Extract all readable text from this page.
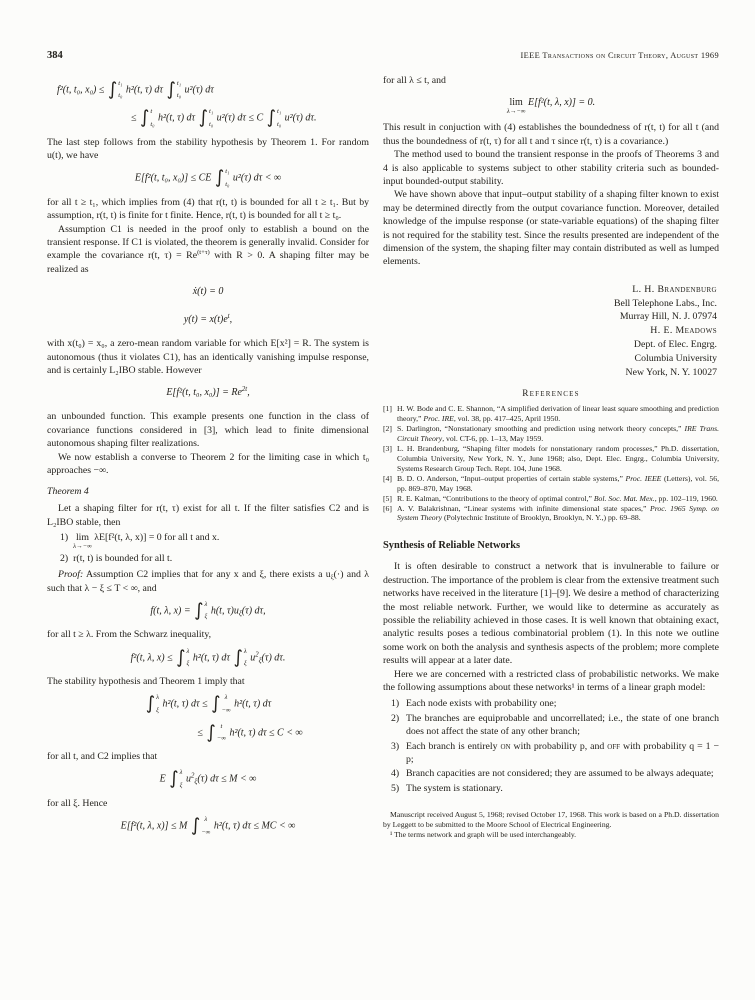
384	IEEE Transactions on Circuit Theory, August 1969
f²(t, t₀, x₀) ≤ ∫ t₁
t₀
h²(t, τ) dτ ∫ t₁
t₀
u²(τ) dτ
≤ ∫ t
t₀
h²(t, τ) dτ ∫ t₁
t₀
u²(τ) dτ ≤ C ∫ t₁
t₀
u²(τ) dτ.

The last step follows from the stability hypothesis by Theorem 1. For random u(t), we have

E[f²(t, t₀, x₀)] ≤ CE ∫ t₁
t₀
u²(τ) dτ < ∞

for all t ≥ t₁, which implies from (4) that r(t, t) is bounded for all t ≥ t₁. But by assumption, r(t, t) is finite for t finite. Hence, r(t, t) is bounded for all t ≥ t₀.

Assumption C1 is needed in the proof only to establish a bound on the transient response. If C1 is violated, the theorem is generally invalid. Consider for example the covariance r(t, $\tau) = Re^{(t+\tau)}$ with R > 0. A shaping filter may be realized as

ẋ(t) = 0
$y(t) = x(t)e^t$,

with x(t₀) = x₀, a zero-mean random variable for which E[x²] = R. The system is autonomous (thus it violates C1), has an identically vanishing impulse response, and is certainly L₂IBO stable. However

E[f²(t, t₀, $x_0)] = Re^{2t}$,

an unbounded function. This example presents one function in the class of covariance functions considered in [3], which lead to finite dimensional autonomous shaping filter realizations.

We now establish a converse to Theorem 2 for the limiting case in which t₀ approaches −∞.

Theorem 4

Let a shaping filter for r(t, τ) exist for all t. If the filter satisfies C2 and is L₂IBO stable, then

1) lim
λ→−∞
λE[f²(t, λ, x)] = 0 for all t and x.
2) r(t, t) is bounded for all t.

Proof: Assumption C2 implies that for any x and ξ, there exists a $u_\xi(\cdot)$ and λ such that λ − ξ ≤ T < ∞, and

f(t, λ, x) = ∫ λ
ξ
h(t, $\tau)u_\xi(\tau)$ dτ,

for all t ≥ λ. From the Schwarz inequality,

f²(t, λ, x) ≤ ∫ λ
ξ
h²(t, τ) dτ ∫ λ
ξ
$u^2_\xi(\tau)$ dτ.

The stability hypothesis and Theorem 1 imply that

∫ λ
ξ
h²(t, τ) dτ ≤ ∫ λ
−∞
h²(t, τ) dτ
≤ ∫ t
−∞
h²(t, τ) dτ ≤ C < ∞

for all t, and C2 implies that

E ∫ λ
ξ
$u^2_\xi(\tau) d\tau \le M$ < ∞

for all ξ. Hence

E[f²(t, λ, x)] ≤ M ∫ λ
−∞
h²(t, τ) dτ ≤ MC < ∞

for all λ ≤ t, and

lim
λ→−∞
E[f²(t, λ, x)] = 0.

This result in conjuction with (4) establishes the boundedness of r(t, t) for all t (and thus the boundedness of r(t, τ) for all t and τ since r(t, τ) is a covariance.)

The method used to bound the transient response in the proofs of Theorems 3 and 4 is also applicable to systems subject to other stability criteria such as bounded-input bounded-output stability.

We have shown above that input–output stability of a shaping filter known to exist may be determined directly from the output covariance function. Moreover, detailed knowledge of the impulse response (or state-variable equations) of the shaping filter is not required for the stability test. Since the results presented are independent of the dimension of the system, the shaping filter may contain distributed as well as lumped elements.

L. H. Brandenburg
Bell Telephone Labs., Inc.
Murray Hill, N. J. 07974
H. E. Meadows
Dept. of Elec. Engrg.
Columbia University
New York, N. Y. 10027
References
[1] H. W. Bode and C. E. Shannon, “A simplified derivation of linear least square smoothing and prediction theory,” Proc. IRE, vol. 38, pp. 417–425, April 1950.
[2] S. Darlington, “Nonstationary smoothing and prediction using network theory concepts,” IRE Trans. Circuit Theory, vol. CT-6, pp. 1–13, May 1959.
[3] L. H. Brandenburg, “Shaping filter models for nonstationary random processes,” Ph.D. dissertation, Columbia University, New York, N. Y., June 1968; also, Dept. Elec. Engrg., Columbia University, Systems Research Group Tech. Rept. 104, June 1968.
[4] B. D. O. Anderson, “Input–output properties of certain stable systems,” Proc. IEEE (Letters), vol. 56, pp. 869–870, May 1968.
[5] R. E. Kalman, “Contributions to the theory of optimal control,” Bol. Soc. Mat. Mex., pp. 102–119, 1960.
[6] A. V. Balakrishnan, “Linear systems with infinite dimensional state spaces,” Proc. 1965 Symp. on System Theory (Polytechnic Institute of Brooklyn, Brooklyn, N. Y.,) pp. 69–88.
Synthesis of Reliable Networks

It is often desirable to construct a network that is invulnerable to failure or destruction. The importance of the problem is clear from the extensive treatment such networks have received in the literature [1]–[9]. We desire a method of characterizing the most reliable network. Further, we would like to determine as accurately as possible the reliability achieved in those cases. It is well known that obtaining exact, analytic results poses a tedious combinatorial problem (1). In this note we outline some work on both the analysis and synthesis aspects of the problem; more complete results will appear at a later date.

Here we are concerned with a restricted class of probabilistic networks. We make the following assumptions about these networks¹ in terms of a linear graph model:

1) Each node exists with probability one;
2) The branches are equiprobable and uncorrellated; i.e., the state of one branch does not affect the state of any other branch;
3) Each branch is entirely on with probability p, and off with probability q = 1 − p;
4) Branch capacities are not considered; they are assumed to be always adequate;
5) The system is stationary.

Manuscript received August 5, 1968; revised October 17, 1968. This work is based on a Ph.D. dissertation by Leggett to be submitted to the Moore School of Electrical Engineering.

¹ The terms network and graph will be used interchangeably.
